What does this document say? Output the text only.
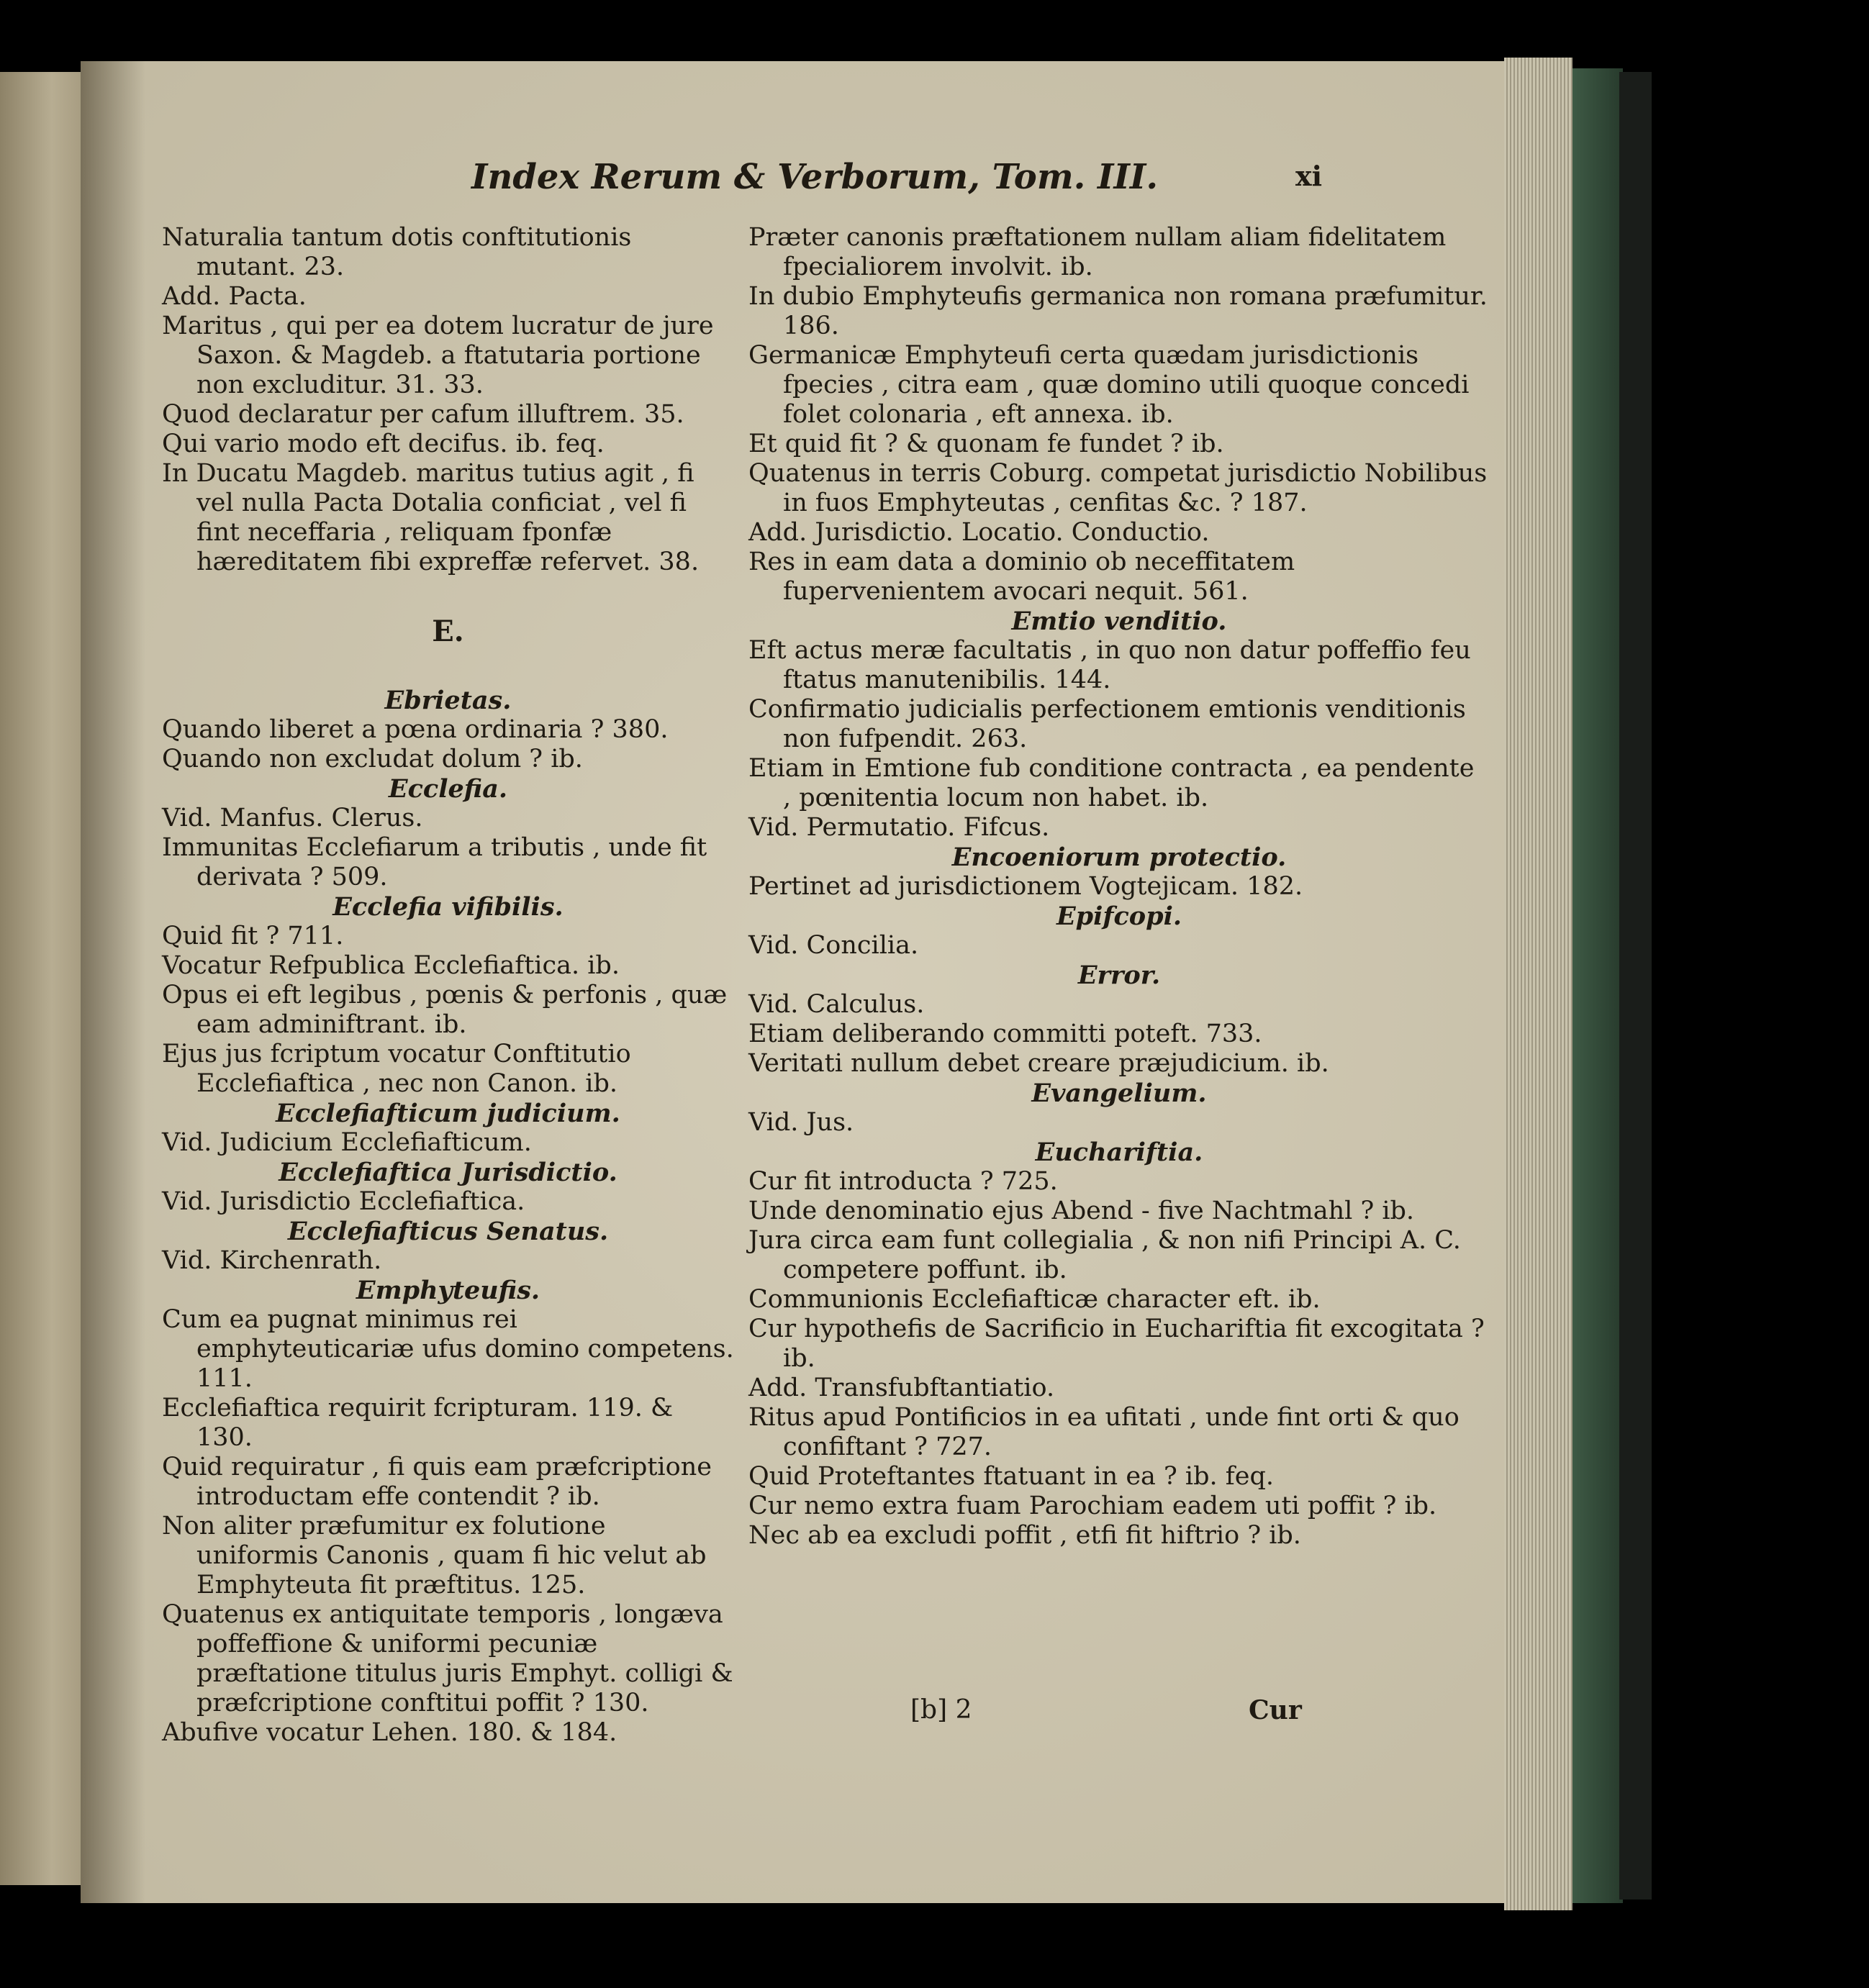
Index Rerum & Verborum, Tom. III.	xi
Naturalia tantum dotis conftitutionis mutant. 23.
Add. Pacta.
Maritus , qui per ea dotem lucratur de jure Saxon. & Magdeb. a ftatutaria portione non excluditur. 31. 33.
Quod declaratur per cafum illuftrem. 35.
Qui vario modo eft decifus. ib. feq.
In Ducatu Magdeb. maritus tutius agit , fi vel nulla Pacta Dotalia conficiat , vel fi fint neceffaria , reliquam fponfæ hæreditatem fibi expreffæ refervet. 38.
E.
Ebrietas.
Quando liberet a pœna ordinaria ? 380.
Quando non excludat dolum ? ib.
Ecclefia.
Vid. Manfus. Clerus.
Immunitas Ecclefiarum a tributis , unde fit derivata ? 509.
Ecclefia vifibilis.
Quid fit ? 711.
Vocatur Refpublica Ecclefiaftica. ib.
Opus ei eft legibus , pœnis & perfonis , quæ eam adminiftrant. ib.
Ejus jus fcriptum vocatur Conftitutio Ecclefiaftica , nec non Canon. ib.
Ecclefiafticum judicium.
Vid. Judicium Ecclefiafticum.
Ecclefiaftica Jurisdictio.
Vid. Jurisdictio Ecclefiaftica.
Ecclefiafticus Senatus.
Vid. Kirchenrath.
Emphyteufis.
Cum ea pugnat minimus rei emphyteuticariæ ufus domino competens. 111.
Ecclefiaftica requirit fcripturam. 119. & 130.
Quid requiratur , fi quis eam præfcriptione introductam effe contendit ? ib.
Non aliter præfumitur ex folutione uniformis Canonis , quam fi hic velut ab Emphyteuta fit præftitus. 125.
Quatenus ex antiquitate temporis , longæva poffeffione & uniformi pecuniæ præftatione titulus juris Emphyt. colligi & præfcriptione conftitui poffit ? 130.
Abufive vocatur Lehen. 180. & 184.
Præter canonis præftationem nullam aliam fidelitatem fpecialiorem involvit. ib.
In dubio Emphyteufis germanica non romana præfumitur. 186.
Germanicæ Emphyteufi certa quædam jurisdictionis fpecies , citra eam , quæ domino utili quoque concedi folet colonaria , eft annexa. ib.
Et quid fit ? & quonam fe fundet ? ib.
Quatenus in terris Coburg. competat jurisdictio Nobilibus in fuos Emphyteutas , cenfitas &c. ? 187.
Add. Jurisdictio. Locatio. Conductio.
Res in eam data a dominio ob neceffitatem fupervenientem avocari nequit. 561.
Emtio venditio.
Eft actus meræ facultatis , in quo non datur poffeffio feu ftatus manutenibilis. 144.
Confirmatio judicialis perfectionem emtionis venditionis non fufpendit. 263.
Etiam in Emtione fub conditione contracta , ea pendente , pœnitentia locum non habet. ib.
Vid. Permutatio. Fifcus.
Encoeniorum protectio.
Pertinet ad jurisdictionem Vogtejicam. 182.
Epifcopi.
Vid. Concilia.
Error.
Vid. Calculus.
Etiam deliberando committi poteft. 733.
Veritati nullum debet creare præjudicium. ib.
Evangelium.
Vid. Jus.
Euchariftia.
Cur fit introducta ? 725.
Unde denominatio ejus Abend - five Nachtmahl ? ib.
Jura circa eam funt collegialia , & non nifi Principi A. C. competere poffunt. ib.
Communionis Ecclefiafticæ character eft. ib.
Cur hypothefis de Sacrificio in Euchariftia fit excogitata ? ib.
Add. Transfubftantiatio.
Ritus apud Pontificios in ea ufitati , unde fint orti & quo confiftant ? 727.
Quid Proteftantes ftatuant in ea ? ib. feq.
Cur nemo extra fuam Parochiam eadem uti poffit ? ib.
Nec ab ea excludi poffit , etfi fit hiftrio ? ib.
[b] 2	Cur
